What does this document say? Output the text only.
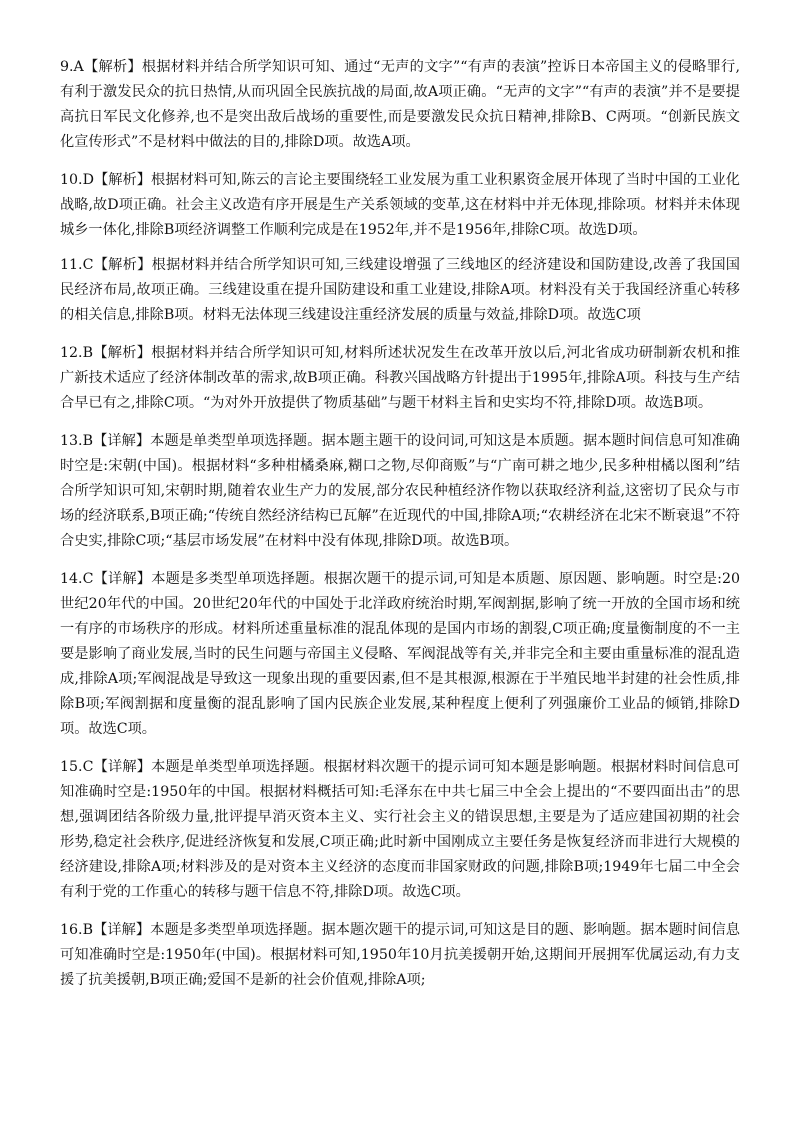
9.A【解析】根据材料并结合所学知识可知、通过“无声的文字”“有声的表演”控诉日本帝国主义的侵略罪行,有利于激发民众的抗日热情,从而巩固全民族抗战的局面,故A项正确。“无声的文字”“有声的表演”并不是要提高抗日军民文化修养,也不是突出敌后战场的重要性,而是要激发民众抗日精神,排除B、C两项。“创新民族文化宣传形式”不是材料中做法的目的,排除D项。故选A项。

10.D【解析】根据材料可知,陈云的言论主要围绕轻工业发展为重工业积累资金展开体现了当时中国的工业化战略,故D项正确。社会主义改造有序开展是生产关系领域的变革,这在材料中并无体现,排除项。材料并未体现城乡一体化,排除B项经济调整工作顺利完成是在1952年,并不是1956年,排除C项。故选D项。

11.C【解析】根据材料并结合所学知识可知,三线建设增强了三线地区的经济建设和国防建设,改善了我国国民经济布局,故项正确。三线建设重在提升国防建设和重工业建设,排除A项。材料没有关于我国经济重心转移的相关信息,排除B项。材料无法体现三线建设注重经济发展的质量与效益,排除D项。故选C项

12.B【解析】根据材料并结合所学知识可知,材料所述状况发生在改革开放以后,河北省成功研制新农机和推广新技术适应了经济体制改革的需求,故B项正确。科教兴国战略方针提出于1995年,排除A项。科技与生产结合早已有之,排除C项。“为对外开放提供了物质基础”与题干材料主旨和史实均不符,排除D项。故选B项。

13.B【详解】本题是单类型单项选择题。据本题主题干的设问词,可知这是本质题。据本题时间信息可知准确时空是:宋朝(中国)。根据材料“多种柑橘桑麻,糊口之物,尽仰商贩”与“广南可耕之地少,民多种柑橘以图利”结合所学知识可知,宋朝时期,随着农业生产力的发展,部分农民种植经济作物以获取经济利益,这密切了民众与市场的经济联系,B项正确;“传统自然经济结构已瓦解”在近现代的中国,排除A项;“农耕经济在北宋不断衰退”不符合史实,排除C项;“基层市场发展”在材料中没有体现,排除D项。故选B项。

14.C【详解】本题是多类型单项选择题。根据次题干的提示词,可知是本质题、原因题、影响题。时空是:20世纪20年代的中国。20世纪20年代的中国处于北洋政府统治时期,军阀割据,影响了统一开放的全国市场和统一有序的市场秩序的形成。材料所述重量标准的混乱体现的是国内市场的割裂,C项正确;度量衡制度的不一主要是影响了商业发展,当时的民生问题与帝国主义侵略、军阀混战等有关,并非完全和主要由重量标准的混乱造成,排除A项;军阀混战是导致这一现象出现的重要因素,但不是其根源,根源在于半殖民地半封建的社会性质,排除B项;军阀割据和度量衡的混乱影响了国内民族企业发展,某种程度上便利了列强廉价工业品的倾销,排除D项。故选C项。

15.C【详解】本题是单类型单项选择题。根据材料次题干的提示词可知本题是影响题。根据材料时间信息可知准确时空是:1950年的中国。根据材料概括可知:毛泽东在中共七届三中全会上提出的“不要四面出击”的思想,强调团结各阶级力量,批评提早消灭资本主义、实行社会主义的错误思想,主要是为了适应建国初期的社会形势,稳定社会秩序,促进经济恢复和发展,C项正确;此时新中国刚成立主要任务是恢复经济而非进行大规模的经济建设,排除A项;材料涉及的是对资本主义经济的态度而非国家财政的问题,排除B项;1949年七届二中全会有利于党的工作重心的转移与题干信息不符,排除D项。故选C项。

16.B【详解】本题是多类型单项选择题。据本题次题干的提示词,可知这是目的题、影响题。据本题时间信息可知准确时空是:1950年(中国)。根据材料可知,1950年10月抗美援朝开始,这期间开展拥军优属运动,有力支援了抗美援朝,B项正确;爱国不是新的社会价值观,排除A项;
